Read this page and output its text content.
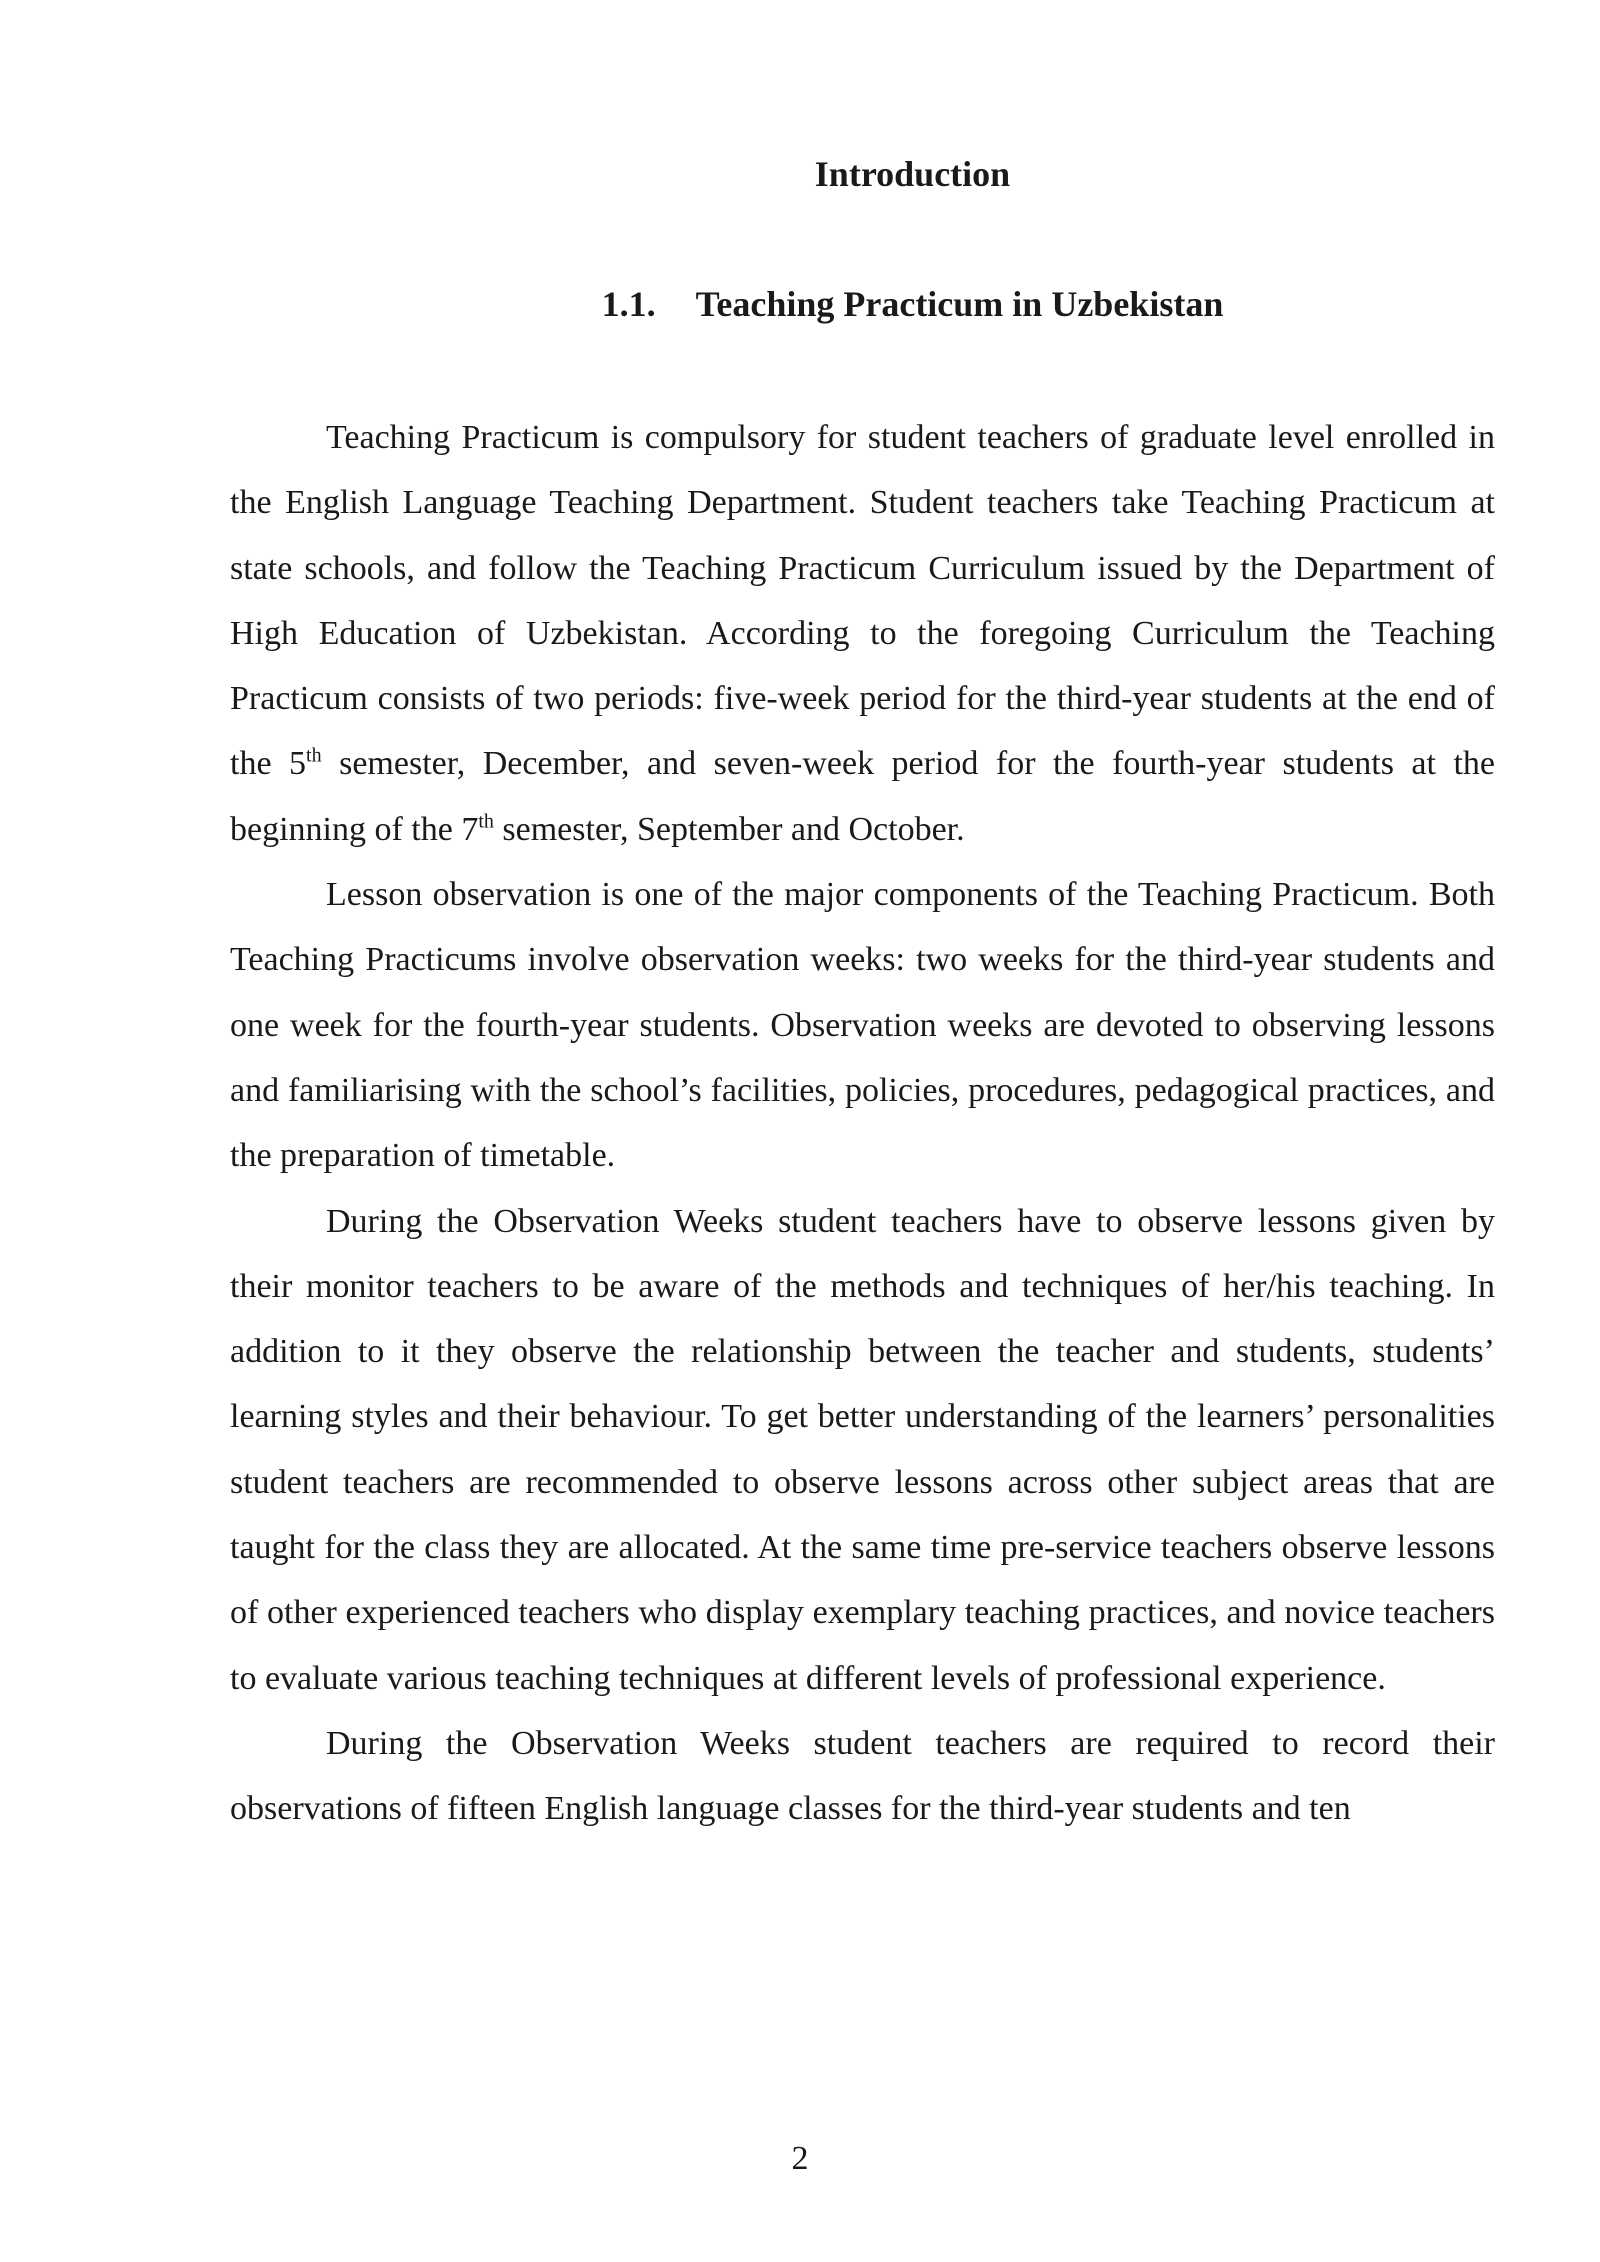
Introduction
1.1. Teaching Practicum in Uzbekistan

Teaching Practicum is compulsory for student teachers of graduate level enrolled in the English Language Teaching Department. Student teachers take Teaching Practicum at state schools, and follow the Teaching Practicum Curriculum issued by the Department of High Education of Uzbekistan. According to the foregoing Curriculum the Teaching Practicum consists of two periods: five-week period for the third-year students at the end of the 5th semester, December, and seven-week period for the fourth-year students at the beginning of the 7th semester, September and October.

Lesson observation is one of the major components of the Teaching Practicum. Both Teaching Practicums involve observation weeks: two weeks for the third-year students and one week for the fourth-year students. Observation weeks are devoted to observing lessons and familiarising with the school’s facilities, policies, procedures, pedagogical practices, and the preparation of timetable.

During the Observation Weeks student teachers have to observe lessons given by their monitor teachers to be aware of the methods and techniques of her/his teaching. In addition to it they observe the relationship between the teacher and students, students’ learning styles and their behaviour. To get better understanding of the learners’ personalities student teachers are recommended to observe lessons across other subject areas that are taught for the class they are allocated. At the same time pre-service teachers observe lessons of other experienced teachers who display exemplary teaching practices, and novice teachers to evaluate various teaching techniques at different levels of professional experience.

During the Observation Weeks student teachers are required to record their observations of fifteen English language classes for the third-year students and ten

2
